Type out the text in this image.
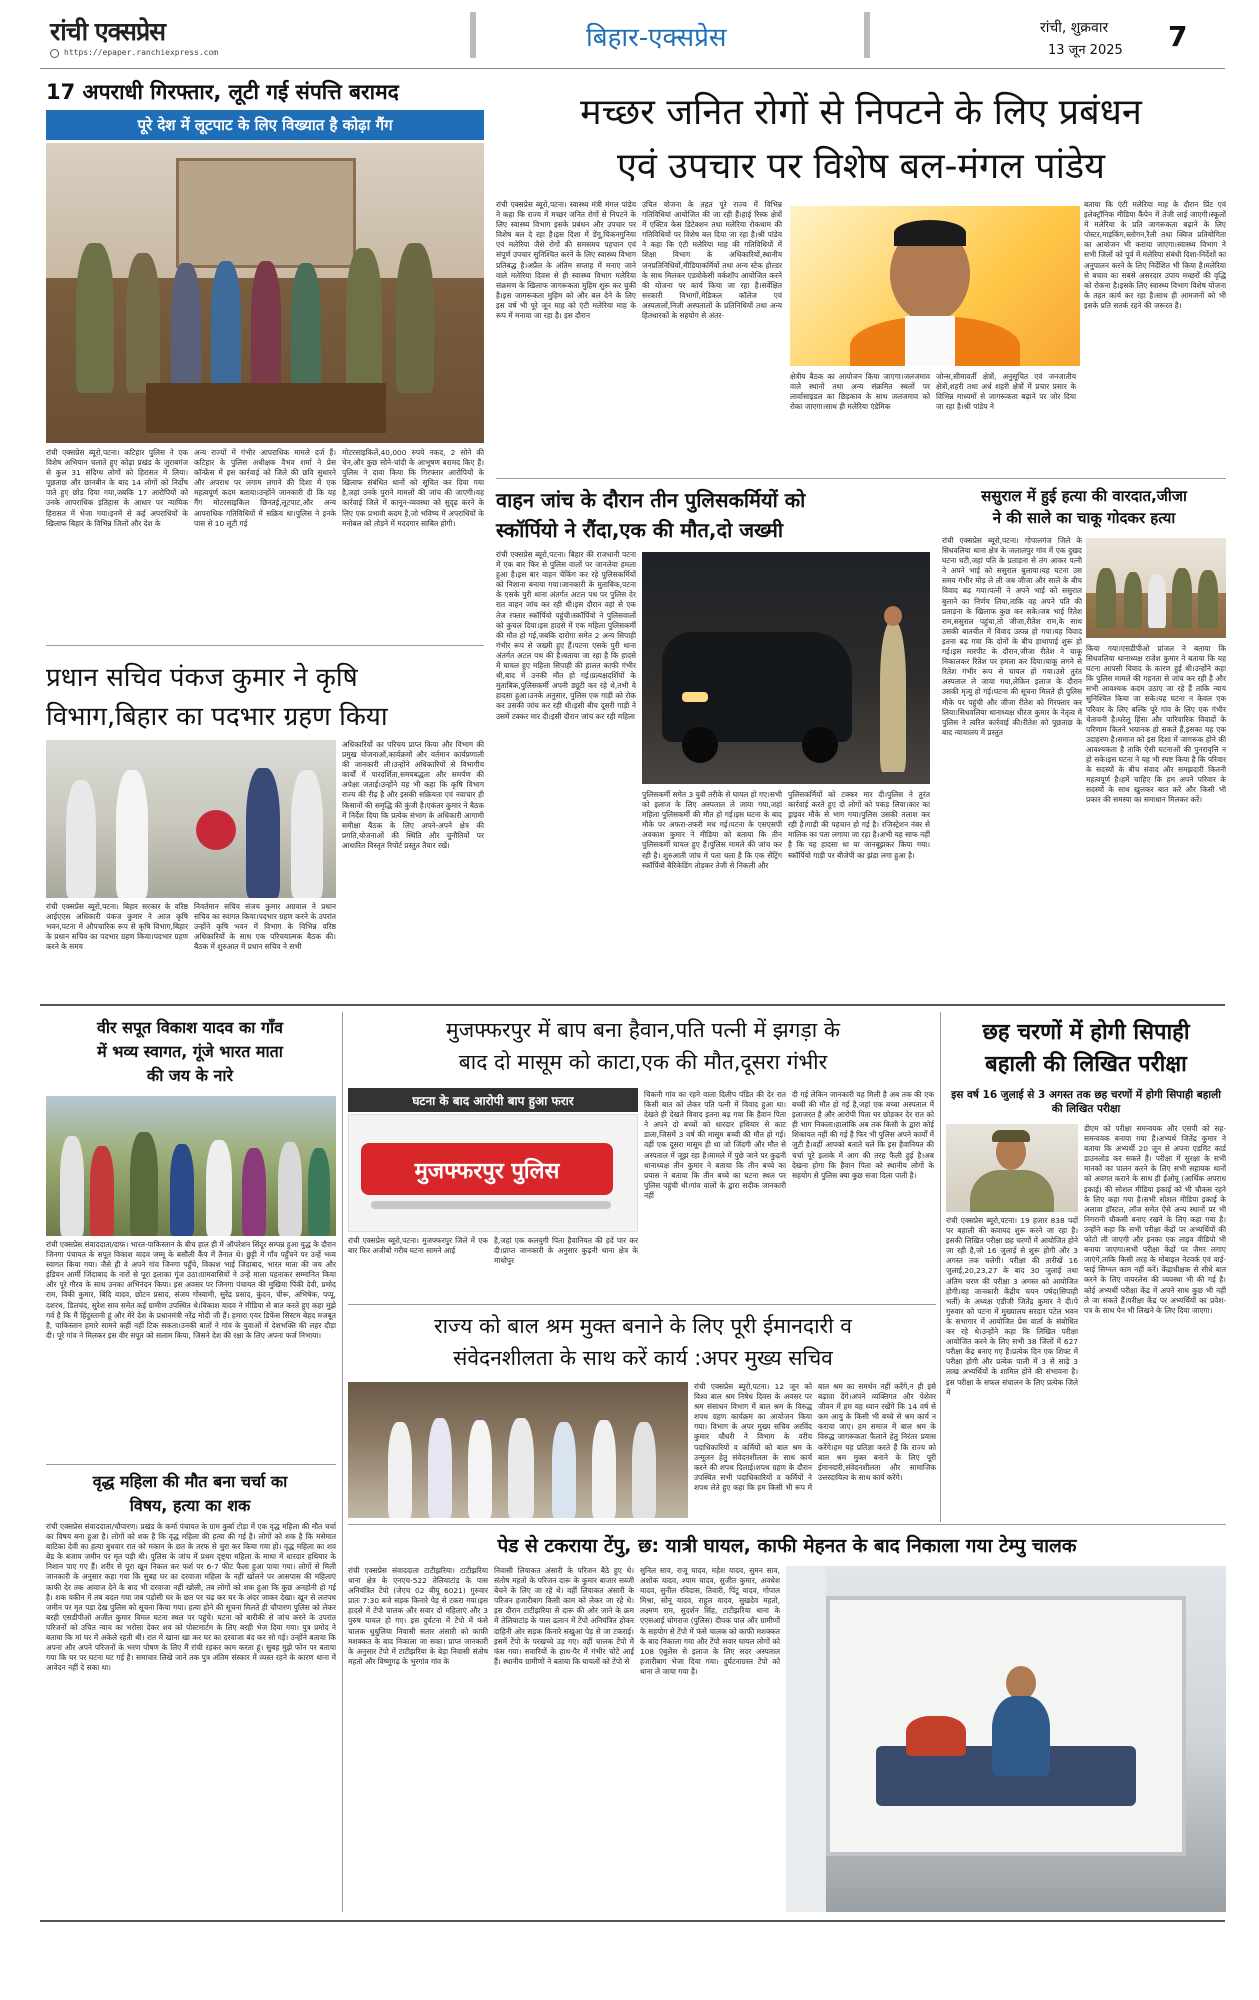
रांची एक्सप्रेस
https://epaper.ranchiexpress.com	बिहार-एक्सप्रेस	रांची, शुक्रवार
13 जून 2025 7
17 अपराधी गिरफ्तार, लूटी गई संपत्ति बरामद
पूरे देश में लूटपाट के लिए विख्यात है कोढ़ा गैंग
रांची एक्सप्रेस ब्यूरो,पटना। कटिहार पुलिस ने एक विशेष अभियान चलाते हुए कोढ़ा प्रखंड के जुराबगंज से कुल 31 संदिग्ध लोगों को हिरासत में लिया।पूछताछ और छानबीन के बाद 14 लोगों को निर्दोष पाते हुए छोड़ दिया गया,जबकि 17 आरोपियों को उनके आपराधिक इतिहास के आधार पर न्यायिक हिरासत में भेजा गया।इनमें से कई अपराधियों के खिलाफ बिहार के विभिन्न जिलों और देश के
अन्य राज्यों में गंभीर आपराधिक मामले दर्ज हैं।कटिहार के पुलिस अधीक्षक वैभव शर्मा ने प्रेस कॉन्फ्रेंस में इस कार्रवाई को जिले की छवि सुधारने और अपराध पर लगाम लगाने की दिशा में एक महत्वपूर्ण कदम बताया।उन्होंने जानकारी दी कि यह गैंग मोटरसाइकिल छिनतई,लूटपाट,और अन्य आपराधिक गतिविधियों में सक्रिय था।पुलिस ने इनके पास से 10 लूटी गई
मोटरसाइकिलें,40,000 रुपये नकद, 2 सोने की चेन,और कुछ सोने-चांदी के आभूषण बरामद किए हैं।पुलिस ने दावा किया कि गिरफ्तार आरोपियों के खिलाफ संबंधित थानों को सूचित कर दिया गया है,जहां उनके पुराने मामलों की जांच की जाएगी।यह कार्रवाई जिले में कानून-व्यवस्था को सुदृढ़ करने के लिए एक प्रभावी कदम है,जो भविष्य में अपराधियों के मनोबल को तोड़ने में मददगार साबित होगी।
मच्छर जनित रोगों से निपटने के लिए प्रबंधन
एवं उपचार पर विशेष बल-मंगल पांडेय
रांची एक्सप्रेस ब्यूरो,पटना। स्वास्थ्य मंत्री मंगल पांडेय ने कहा कि राज्य में मच्छर जनित रोगों से निपटने के लिए स्वास्थ्य विभाग इसके प्रबंधन और उपचार पर विशेष बल दे रहा है।इस दिशा में डेंगू,चिकनगुनिया एवं मलेरिया जैसे रोगों की समसमय पहचान एवं संपूर्ण उपचार सुनिश्चित करने के लिए स्वास्थ्य विभाग प्रतिबद्ध है।अप्रैल के अंतिम सप्ताह में मनाए जाने वाले मलेरिया दिवस से ही स्वास्थ्य विभाग मलेरिया संक्रमण के खिलाफ जागरूकता मुहिम शुरू कर चुकी है।इस जागरूकता मुहिम को और बल देने के लिए इस वर्ष भी पूरे जून माह को एंटी मलेरिया माह के रूप में मनाया जा रहा है। इस दौरान
उचित योजना के तहत पूरे राज्य में विभिन्न गतिविधियां आयोजित की जा रही हैं।हाई रिस्क क्षेत्रों में एक्टिव केस डिटेक्शन तथा मलेरिया रोकथाम की गतिविधियों पर विशेष बल दिया जा रहा है।श्री पांडेय ने कहा कि एंटी मलेरिया माह की गतिविधियों में शिक्षा विभाग के अधिकारियों,स्थानीय जनप्रतिनिधियों,मीडियाकर्मियों तथा अन्य स्टेक होल्डर के साथ मिलकर एडवोकेसी वर्कशॉप आयोजित करने की योजना पर कार्य किया जा रहा है।सर्वेक्षित सरकारी विभागों,मेडिकल कॉलेज एवं अस्पतालों,निजी अस्पतालों के प्रतिनिधियों तथा अन्य हितधारकों के सहयोग से अंतर-
क्षेत्रीय बैठक का आयोजन किया जाएगा।जलजमाव वाले स्थानों तथा अन्य संक्रमित स्थलों पर लार्वासाइडल का छिड़काव के साथ जलजमाव को रोका जाएगा।साथ ही मलेरिया एंडेमिक
जोन्स,सीमावर्ती क्षेत्रों, अनुसूचित एवं जनजातीय क्षेत्रों,शहरी तथा अर्ध शहरी क्षेत्रों में प्रचार प्रसार के विभिन्न माध्यमों से जागरूकता बढ़ाने पर जोर दिया जा रहा है।श्री पांडेय ने
बताया कि एंटी मलेरिया माह के दौरान प्रिंट एवं इलेक्ट्रॉनिक मीडिया कैंपेन में तेजी लाई जाएगी।स्कूलों में मलेरिया के प्रति जागरूकता बढ़ाने के लिए पोस्टर,माइकिंग,स्लोगन,रैली तथा क्विज प्रतियोगिता का आयोजन भी कराया जाएगा।स्वास्थ्य विभाग ने सभी जिलों को पूर्व में मलेरिया संबंधी दिशा-निर्देशों का अनुपालन करने के लिए निर्देशित भी किया है।मलेरिया से बचाव का सबसे असरदार उपाय मच्छरों की वृद्धि को रोकना है।इसके लिए स्वास्थ्य विभाग विशेष योजना के तहत कार्य कर रहा है।साथ ही आमजनों को भी इसके प्रति सतर्क रहने की जरूरत है।
वाहन जांच के दौरान तीन पुलिसकर्मियों को
स्कॉर्पियो ने रौंदा,एक की मौत,दो जख्मी
रांची एक्सप्रेस ब्यूरो,पटना। बिहार की राजधानी पटना में एक बार फिर से पुलिस वालों पर जानलेवा हमला हुआ है।इस बार वाहन चेकिंग कर रहे पुलिसकर्मियों को निशाना बनाया गया।जानकारी के मुताबिक,पटना के एसके पुरी थाना अंतर्गत अटल पथ पर पुलिस देर रात वाहन जांच कर रही थी।इस दौरान वहां से एक तेज रफ्तार स्कॉर्पियो पहुंची।स्कॉर्पियो ने पुलिसवालों को कुचल दिया।इस हादसे में एक महिला पुलिसकर्मी की मौत हो गई,जबकि दारोगा समेत 2 अन्य सिपाही गंभीर रूप से जख्मी हुए हैं।पटना एसके पुरी थाना अंतर्गत अटल पथ की है।बताया जा रहा है कि हादसे में घायल हुए महिला सिपाही की हालत काफी गंभीर थी,बाद में उनकी मौत हो गई।प्रत्यक्षदर्शियों के मुताबिक,पुलिसकर्मी अपनी ड्यूटी कर रहे थे,तभी ये हादसा हुआ।उनके अनुसार, पुलिस एक गाड़ी को रोक कर उसकी जांच कर रही थी।इसी बीच दूसरी गाड़ी ने उसमें टक्कर मार दी।इसी दौरान जांच कर रही महिला
पुलिसकर्मी समेत 3 युवी तरीके से घायल हो गए।सभी को इलाज के लिए अस्पताल ले जाया गया,जहां महिला पुलिसकर्मी की मौत हो गई।इस घटना के बाद मौके पर अफरा-तफरी मच गई।पटना के एसएसपी अवकाश कुमार ने मीडिया को बताया कि तीन पुलिसकर्मी घायल हुए हैं।पुलिस मामले की जांच कर रही है। शुरुआती जांच में पता चला है कि एक सेंट्रिंग स्कॉर्पियो बैरिकेडिंग तोड़कर तेजी से निकली और
पुलिसकर्मियों को टक्कर मार दी।पुलिस ने तुरंत कार्रवाई करते हुए दो लोगों को पकड़ लिया।कार का ड्राइवर मौके से भाग गया।पुलिस उसकी तलाश कर रही है।गाड़ी की पहचान हो गई है। रजिस्ट्रेशन नंबर से मालिक का पता लगाया जा रहा है।अभी यह साफ नहीं है कि यह हादसा था या जानबूझकर किया गया।स्कॉर्पियो गाड़ी पर बीजेपी का झंडा लगा हुआ है।
ससुराल में हुई हत्या की वारदात,जीजा
ने की साले का चाकू गोदकर हत्या
रांची एक्सप्रेस ब्यूरो,पटना। गोपालगंज जिले के सिधवलिया थाना क्षेत्र के जलालपुर गांव में एक दुखद घटना घटी,जहां पति के प्रताड़ना से तंग आकर पत्नी ने अपने भाई को ससुराल बुलाया।यह घटना उस समय गंभीर मोड़ ले ली जब जीजा और साले के बीच विवाद बढ़ गया।पत्नी ने अपने भाई को ससुराल बुलाने का निर्णय लिया,ताकि वह अपने पति की प्रताड़ना के खिलाफ कुछ कर सके।जब भाई रितेश राम,ससुराल पहुंचा,तो जीजा,रीतेश राम,के साथ उसकी बातचीत में विवाद उत्पन्न हो गया।यह विवाद इतना बढ़ गया कि दोनों के बीच हाथापाई शुरू हो गई।इस मारपीट के दौरान,जीजा रीतेश ने चाकू निकालकर रितेश पर हमला कर दिया।चाकू लगने से रितेश गंभीर रूप से घायल हो गया।उसे तुरंत अस्पताल ले जाया गया,लेकिन इलाज के दौरान उसकी मृत्यु हो गई।घटना की सूचना मिलते ही पुलिस मौके पर पहुंची और जीजा रीतेश को गिरफ्तार कर लिया।सिधवलिया थानाध्यक्ष धीरज कुमार के नेतृत्व में पुलिस ने त्वरित कार्रवाई की।रीतेश को पूछताछ के बाद न्यायालय में प्रस्तुत
किया गया।एसडीपीओ प्रांजल ने बताया कि सिधवलिया थानाध्यक्ष राजेश कुमार ने बताया कि यह घटना आपसी विवाद के कारण हुई थी।उन्होंने कहा कि पुलिस मामले की गहनता से जांच कर रही है और सभी आवश्यक कदम उठाए जा रहे हैं ताकि न्याय सुनिश्चित किया जा सके।यह घटना न केवल एक परिवार के लिए बल्कि पूरे गांव के लिए एक गंभीर चेतावनी है।घरेलू हिंसा और पारिवारिक विवादों के परिणाम कितने भयानक हो सकते हैं,इसका यह एक उदाहरण है।समाज को इस दिशा में जागरूक होने की आवश्यकता है ताकि ऐसी घटनाओं की पुनरावृत्ति न हो सके।इस घटना ने यह भी स्पष्ट किया है कि परिवार के सदस्यों के बीच संवाद और समझदारी कितनी महत्वपूर्ण है।हमें चाहिए कि हम अपने परिवार के सदस्यों के साथ खुलकर बात करें और किसी भी प्रकार की समस्या का समाधान मिलकर करें।
प्रधान सचिव पंकज कुमार ने कृषि
विभाग,बिहार का पदभार ग्रहण किया
रांची एक्सप्रेस ब्यूरो,पटना। बिहार सरकार के वरिष्ठ आईएएस अधिकारी पंकज कुमार ने आज कृषि भवन,पटना में औपचारिक रूप से कृषि विभाग,बिहार के प्रधान सचिव का पदभार ग्रहण किया।पदभार ग्रहण करने के समय
निवर्तमान सचिव संजय कुमार अग्रवाल ने प्रधान सचिव का स्वागत किया।पदभार ग्रहण करने के उपरांत उन्होंने कृषि भवन में विभाग के विभिन्न वरिष्ठ अधिकारियों के साथ एक परिचयात्मक बैठक की।बैठक में शुरुआत में प्रधान सचिव ने सभी
अधिकारियों का परिचय प्राप्त किया और विभाग की प्रमुख योजनाओं,कार्यक्रमों और वर्तमान कार्यप्रणाली की जानकारी ली।उन्होंने अधिकारियों से विभागीय कार्यों में पारदर्शिता,समयबद्धता और समर्पण की अपेक्षा जताई।उन्होंने यह भी कहा कि कृषि विभाग राज्य की रीढ़ है और इसकी सक्रियता एवं नवाचार ही किसानों की समृद्धि की कुंजी है।एकंतर कुमार ने बैठक में निर्देश दिया कि प्रत्येक संभाग के अधिकारी आगामी समीक्षा बैठक के लिए अपने-अपने क्षेत्र की प्रगति,योजनाओं की स्थिति और चुनौतियों पर आधारित विस्तृत रिपोर्ट प्रस्तुत तैयार रखें।
वीर सपूत विकाश यादव का गाँव
में भव्य स्वागत, गूंजे भारत माता
की जय के नारे
रांची एक्सप्रेस संवाददाता/दाफ़। भारत-पाकिस्तान के बीच हाल ही में ऑपरेशन सिंदूर सम्पन्न हुआ युद्ध के दौरान जिनगा पंचायत के सपूत विकाश यादव जम्मू के बसौली कैंप में तैनात थे। छुट्टी में गाँव पहुँचने पर उन्हें भव्य स्वागत किया गया। जैसे ही वे अपने गांव जिनगा पहुँचे, विकाश भाई जिंदाबाद, भारत माता की जय और इंडियन आर्मी जिंदाबाद के नारों से पूरा इलाका गूंज उठा।ग्रामवासियों ने उन्हें माला पहनाकर सम्मानित किया और पूरे गौरव के साथ उनका अभिनंदन किया। इस अवसर पर जिनगा पंचायत की मुखिया पिंकी देवी, प्रमोद राम, विकी कुमार, बिंदि यादव, छोटन प्रसाद, संजय गोस्वामी, सुरेंद्र प्रसाद, कुंदन, चीरू, अभिषेक, पप्पू, दशरथ, डिलचंद, सुरेश साव समेत कई ग्रामीण उपस्थित थे।विकाश यादव ने मीडिया से बात करते हुए कहा मुझे गर्व है कि मैं हिंदुस्तानी हूं और मेरे देश के प्रधानमंत्री नरेंद्र मोदी जी हैं। हमारा एयर डिफेंस सिस्टम बेहद मजबूत है, पाकिस्तान हमारे सामने कहीं नहीं टिक सकता।उनकी बातों ने गांव के युवाओं में देशभक्ति की लहर दौड़ा दी। पूरे गांव ने मिलकर इस वीर सपूत को सलाम किया, जिसने देश की रक्षा के लिए अपना फर्ज निभाया।
वृद्ध महिला की मौत बना चर्चा का
विषय, हत्या का शक
रांची एक्सप्रेस संवाददाता/चौपारण। प्रखंड के कर्मा पंचायत के ग्राम कुर्बा टोड़ा में एक वृद्ध महिला की मौत चर्चा का विषय बना हुआ है। लोगों को शक है कि वृद्ध महिला की हत्या की गई है। लोगों को शक है कि मसेमात बाटिका देवी का हत्या बुधवार रात को मकान के छत के तरफ से चुरा कर किया गया हो। वृद्ध महिला का शव बेड के बजाय जमीन पर मृत पड़ी थी। पुलिस के जांच में प्रथम दृष्ट्या महिला के माथा में धारदार हथियार के निशान पाए गए हैं। शरीर से पूरा खून निकल कर फर्श पर 6-7 फीट फैला हुआ पाया गया। लोगों से मिली जानकारी के अनुसार कहा गया कि सुबह घर का दरवाजा महिला के नहीं खोलने पर आसपास की महिलाएं काफी देर तक आवाज देने के बाद भी दरवाजा नहीं खोली, तब लोगों को शक हुआ कि कुछ अनहोनी हो गई है। शक यकीन में तब बदल गया जब पड़ोसी घर के छत पर चढ़ कर घर के अंदर जाकर देखा। खून से लतपथ जमीन पर मृत पड़ा देख पुलिस को सूचना किया गया। हत्या होने की सूचना मिलते ही चौपारण पुलिस को लेकर बरही एसडीपीओ अजीत कुमार विमल घटना स्थल पर पहुंचे। घटना को बारीकी से जांच करने के उपरांत परिजनों को उचित न्याय का भरोसा देकर शव को पोस्टमार्टम के लिए बरही भेज दिया गया। पुत्र प्रमोद ने बताया कि मां घर में अकेले रहती थी। रात में खाना खा कर घर का दरवाजा बंद कर सो गई। उन्होंने बताया कि अपना और अपने परिजनों के भरण पोषण के लिए मैं रांची रहकर काम करता हूं। सुबह मुझे फोन पर बताया गया कि घर पर घटना घट गई है। समाचार लिखे जाने तक पुत्र अंतिम संस्कार में व्यस्त रहने के कारण थाना में आवेदन नहीं दे सका था।
मुजफ्फरपुर में बाप बना हैवान,पति पत्नी में झगड़ा के
बाद दो मासूम को काटा,एक की मौत,दूसरा गंभीर
घटना के बाद आरोपी बाप हुआ फरार
मुजफ्फरपुर पुलिस
रांची एक्सप्रेस ब्यूरो,पटना। मुजफ्फरपुर जिले में एक बार फिर अजीबो गरीब घटना सामने आई
है,जहां एक कलयुगी पिता हैवानियत की हदें पार कर दी।प्राप्त जानकारी के अनुसार कुढ़नी थाना क्षेत्र के माधोपुर
चिकनी गांव का रहने वाला दिलीप पंडित की देर रात किसी बात को लेकर पति पत्नी में विवाद हुआ था।देखते ही देखते विवाद इतना बढ़ गया कि हैवान पिता ने अपने दो बच्चों को धारदार हथियार से काट डाला,जिसमें 3 वर्ष की मासूम बच्ची की मौत हो गई।वहीं एक दूसरा मासूम ही था जो जिंदगी और मौत से अस्पताल में जूझ रहा है।मामले में पुछे जाने पर कुढ़नी थानाध्यक्ष तीन कुमार ने बताया कि तीन बच्चे का प्रयास ने बताया कि तीन बच्चे का घटना स्थल पर पुलिस पहुंची थी।गांव वालों के द्वारा सदीक जानकारी नहीं
दी गई लेकिन जानकारी यह मिली है अब तक की एक बच्ची की मौत हो गई है,जहां एक बच्चा अस्पताल में इलाजरत है और आरोपी पिता घर छोड़कर देर रात को ही भाग निकला।हालांकि अब तक किसी के द्वारा कोई शिकायत नहीं की गई है फिर भी पुलिस अपने कार्यों में जुटी है।वहीं आपको बताते चले कि इस हैवानियत की चर्चा पूरे इलाके में आग की तरह फैली हुई है।अब देखना होगा कि हैवान पिता को स्थानीय लोगों के सहयोग से पुलिस क्या कुछ सजा दिला पाती है।
छह चरणों में होगी सिपाही
बहाली की लिखित परीक्षा
इस वर्ष 16 जुलाई से 3 अगस्त तक छह चरणों में होगी सिपाही बहाली की लिखित परीक्षा
डीएम को परीक्षा समन्वयक और एसपी को सह-समन्वयक बनाया गया है।अभ्यर्थ जितेंद्र कुमार ने बताया कि अभ्यर्थी 20 जून से अपना एडमिट कार्ड डाउनलोड कर सकते हैं। परीक्षा में सुरक्षा के सभी मानकों का पालन करने के लिए सभी सहायक थानों को अवगत कराने के साथ ही ईओयू (आर्थिक अपराध इकाई) की सोशल मीडिया इकाई को भी चौकस रहने के लिए कहा गया है।सभी सोशल मीडिया इकाई के अलावा हॉस्टल, लॉज समेत ऐसे अन्य स्थानों पर भी निगरानी चौकसी बनाए रखने के लिए कहा गया है।उन्होंने कहा कि सभी परीक्षा केंद्रों पर अभ्यर्थियों की फोटो ली जाएगी और इनका एक लाइव वीडियो भी बनाया जाएगा।सभी परीक्षा केंद्रों पर जैमर लगाए जाएंगे,ताकि किसी तरह के मोबाइल नेटवर्क एवं वाई-फाई सिग्नल काम नहीं करें। केंद्राधीक्षक से सीधे बात करने के लिए वायरलेस की व्यवस्था भी की गई है।कोई अभ्यर्थी परीक्षा केंद्र में अपने साथ कुछ भी नहीं ले जा सकते हैं।परीक्षा केंद्र पर अभ्यर्थियों का प्रवेश-पत्र के साथ पेन भी लिखने के लिए दिया जाएगा।
रांची एक्सप्रेस ब्यूरो,पटना। 19 हजार 838 पदों पर बहाली की कवायद शुरू करने जा रहा है। इसकी लिखित परीक्षा छह चरणों में आयोजित होने जा रही है,जो 16 जुलाई से शुरू होगी और 3 अगस्त तक चलेगी। परीक्षा की तारीखें 16 जुलाई,20,23,27 के बाद 30 जुलाई तथा अंतिम चरण की परीक्षा 3 अगस्त को आयोजित होगी।यह जानकारी केंद्रीय चयन पर्षद(सिपाही भर्ती) के अध्यक्ष एडीजी जितेंद्र कुमार ने दी।पे गुरुवार को पटना में मुख्यालय सरदार पटेल भवन के सभागार में आयोजित प्रेस वार्ता के संबोधित कर रहे थे।उन्होंने कहा कि लिखित परीक्षा आयोजित करने के लिए सभी 38 जिलों में 627 परीक्षा केंद्र बनाए गए हैं।प्रत्येक दिन एक शिफ्ट में परीक्षा होगी और प्रत्येक पाली में 3 से साढ़े 3 लाख अभ्यर्थियों के शामिल होने की संभावना है।इस परीक्षा के सफल संचालन के लिए प्रत्येक जिले में
राज्य को बाल श्रम मुक्त बनाने के लिए पूरी ईमानदारी व
संवेदनशीलता के साथ करें कार्य :अपर मुख्य सचिव
रांची एक्सप्रेस ब्यूरो,पटना। 12 जून को विश्व बाल श्रम निषेध दिवस के अवसर पर श्रम संसाधन विभाग में बाल श्रम के विरुद्ध शपथ ग्रहण कार्यक्रम का आयोजन किया गया। विभाग के अपर मुख्य सचिव अरविंद कुमार चौधरी ने विभाग के वरीय पदाधिकारियों व कर्मियों को बाल श्रम के उन्मूलन हेतु संवेदनशीलता के साथ कार्य करने की शपथ दिलाई।शपथ ग्रहण के दौरान उपस्थित सभी पदाधिकारियों व कर्मियों ने शपथ लेते हुए कहा कि हम किसी भी रूप में बाल श्रम का समर्थन नहीं करेंगे,न ही इसे बढ़ावा देंगे।अपने व्यक्तिगत और पेशेवर जीवन में हम यह ध्यान रखेंगे कि 14 वर्ष से कम आयु के किसी भी बच्चे से श्रम कार्य न कराया जाए। हम समाज में बाल श्रम के विरुद्ध जागरूकता फैलाने हेतु निरंतर प्रयास करेंगे।हम यह प्रतिज्ञा करते हैं कि राज्य को बाल श्रम मुक्त बनाने के लिए पूरी ईमानदारी,संवेदनशीलता और सामाजिक उत्तरदायित्व के साथ कार्य करेंगे।
पेड से टकराया टेंपु, छ: यात्री घायल, काफी मेहनत के बाद निकाला गया टेम्पु चालक
रांची एक्सप्रेस संवाददाता टाटीझरिया। टाटीझरिया थाना क्षेत्र के एनएच-522 तेलियाटांड़ के पास अनियंत्रित टेंपो (जेएच 02 बीयू 6021) गुरुवार प्रातः 7:30 बजे सड़क किनारे पेड़ से टकरा गया।इस हादसे में टेंपो चालक और सवार दो महिलाएं और 3 पुरुष घायल हो गए। इस दुर्घटना में टेंपो में फंसे चालक धुधुलिया निवासी सतार अंसारी को काफी मशक्कत के बाद निकाला जा सका। प्राप्त जानकारी के अनुसार टेंपो में टाटीझरिया के बेड़ा निवासी संतोष महतो और विष्णुगढ़ के भुरगांव गांव के
निवासी लियाकत अंसारी के परिजन बैठे हुए थे। संतोष महतो के परिजन दारू के कुमार बाजार सब्जी बेचने के लिए जा रहे थे। वहीं लियाकत अंसारी के परिजन हजारीबाग किसी काम को लेकर जा रहे थे। इस दौरान टाटीझरिया से दारू की ओर जाने के क्रम में तेलियाटांड़ के पास ढलान में टेंपो अनियंत्रित होकर दाहिनी ओर सड़क किनारे सखुआ पेड़ से जा टकराई। इसमें टेंपो के परखच्चे उड़ गए। वहीं चालक टेंपो में फंस गया। सवारियों के हाथ-पैर में गंभीर चोटें आईं हैं। स्थानीय ग्रामीणों ने बताया कि घायलों को टेंपो से
सुनिल साव, राजू यादव, महेश यादव, सुमन साव, अशोक यादव, श्याम यादव, सुजीत कुमार, अवधेश यादव, सुनील रविदास, तिवारी, पिंटू यादव, गोपाल मिश्रा, सोनू यादव, राहुल यादव, सुखदेव महतो, लक्ष्मण राम, सुदर्शन सिंह, टाटीझरिया थाना के एएसआई चोगराज (पुलिस) दीपक पाल और ग्रामीणों के सहयोग से टेंपो में फंसे चालक को काफी मशक्कत के बाद निकाला गया और टेंपो सवार घायल लोगों को 108 एंबुलेंस से इलाज के लिए सदर अस्पताल हजारीबाग भेजा दिया गया। दुर्घटनाग्रस्त टेंपो को थाना ले जाया गया है।
